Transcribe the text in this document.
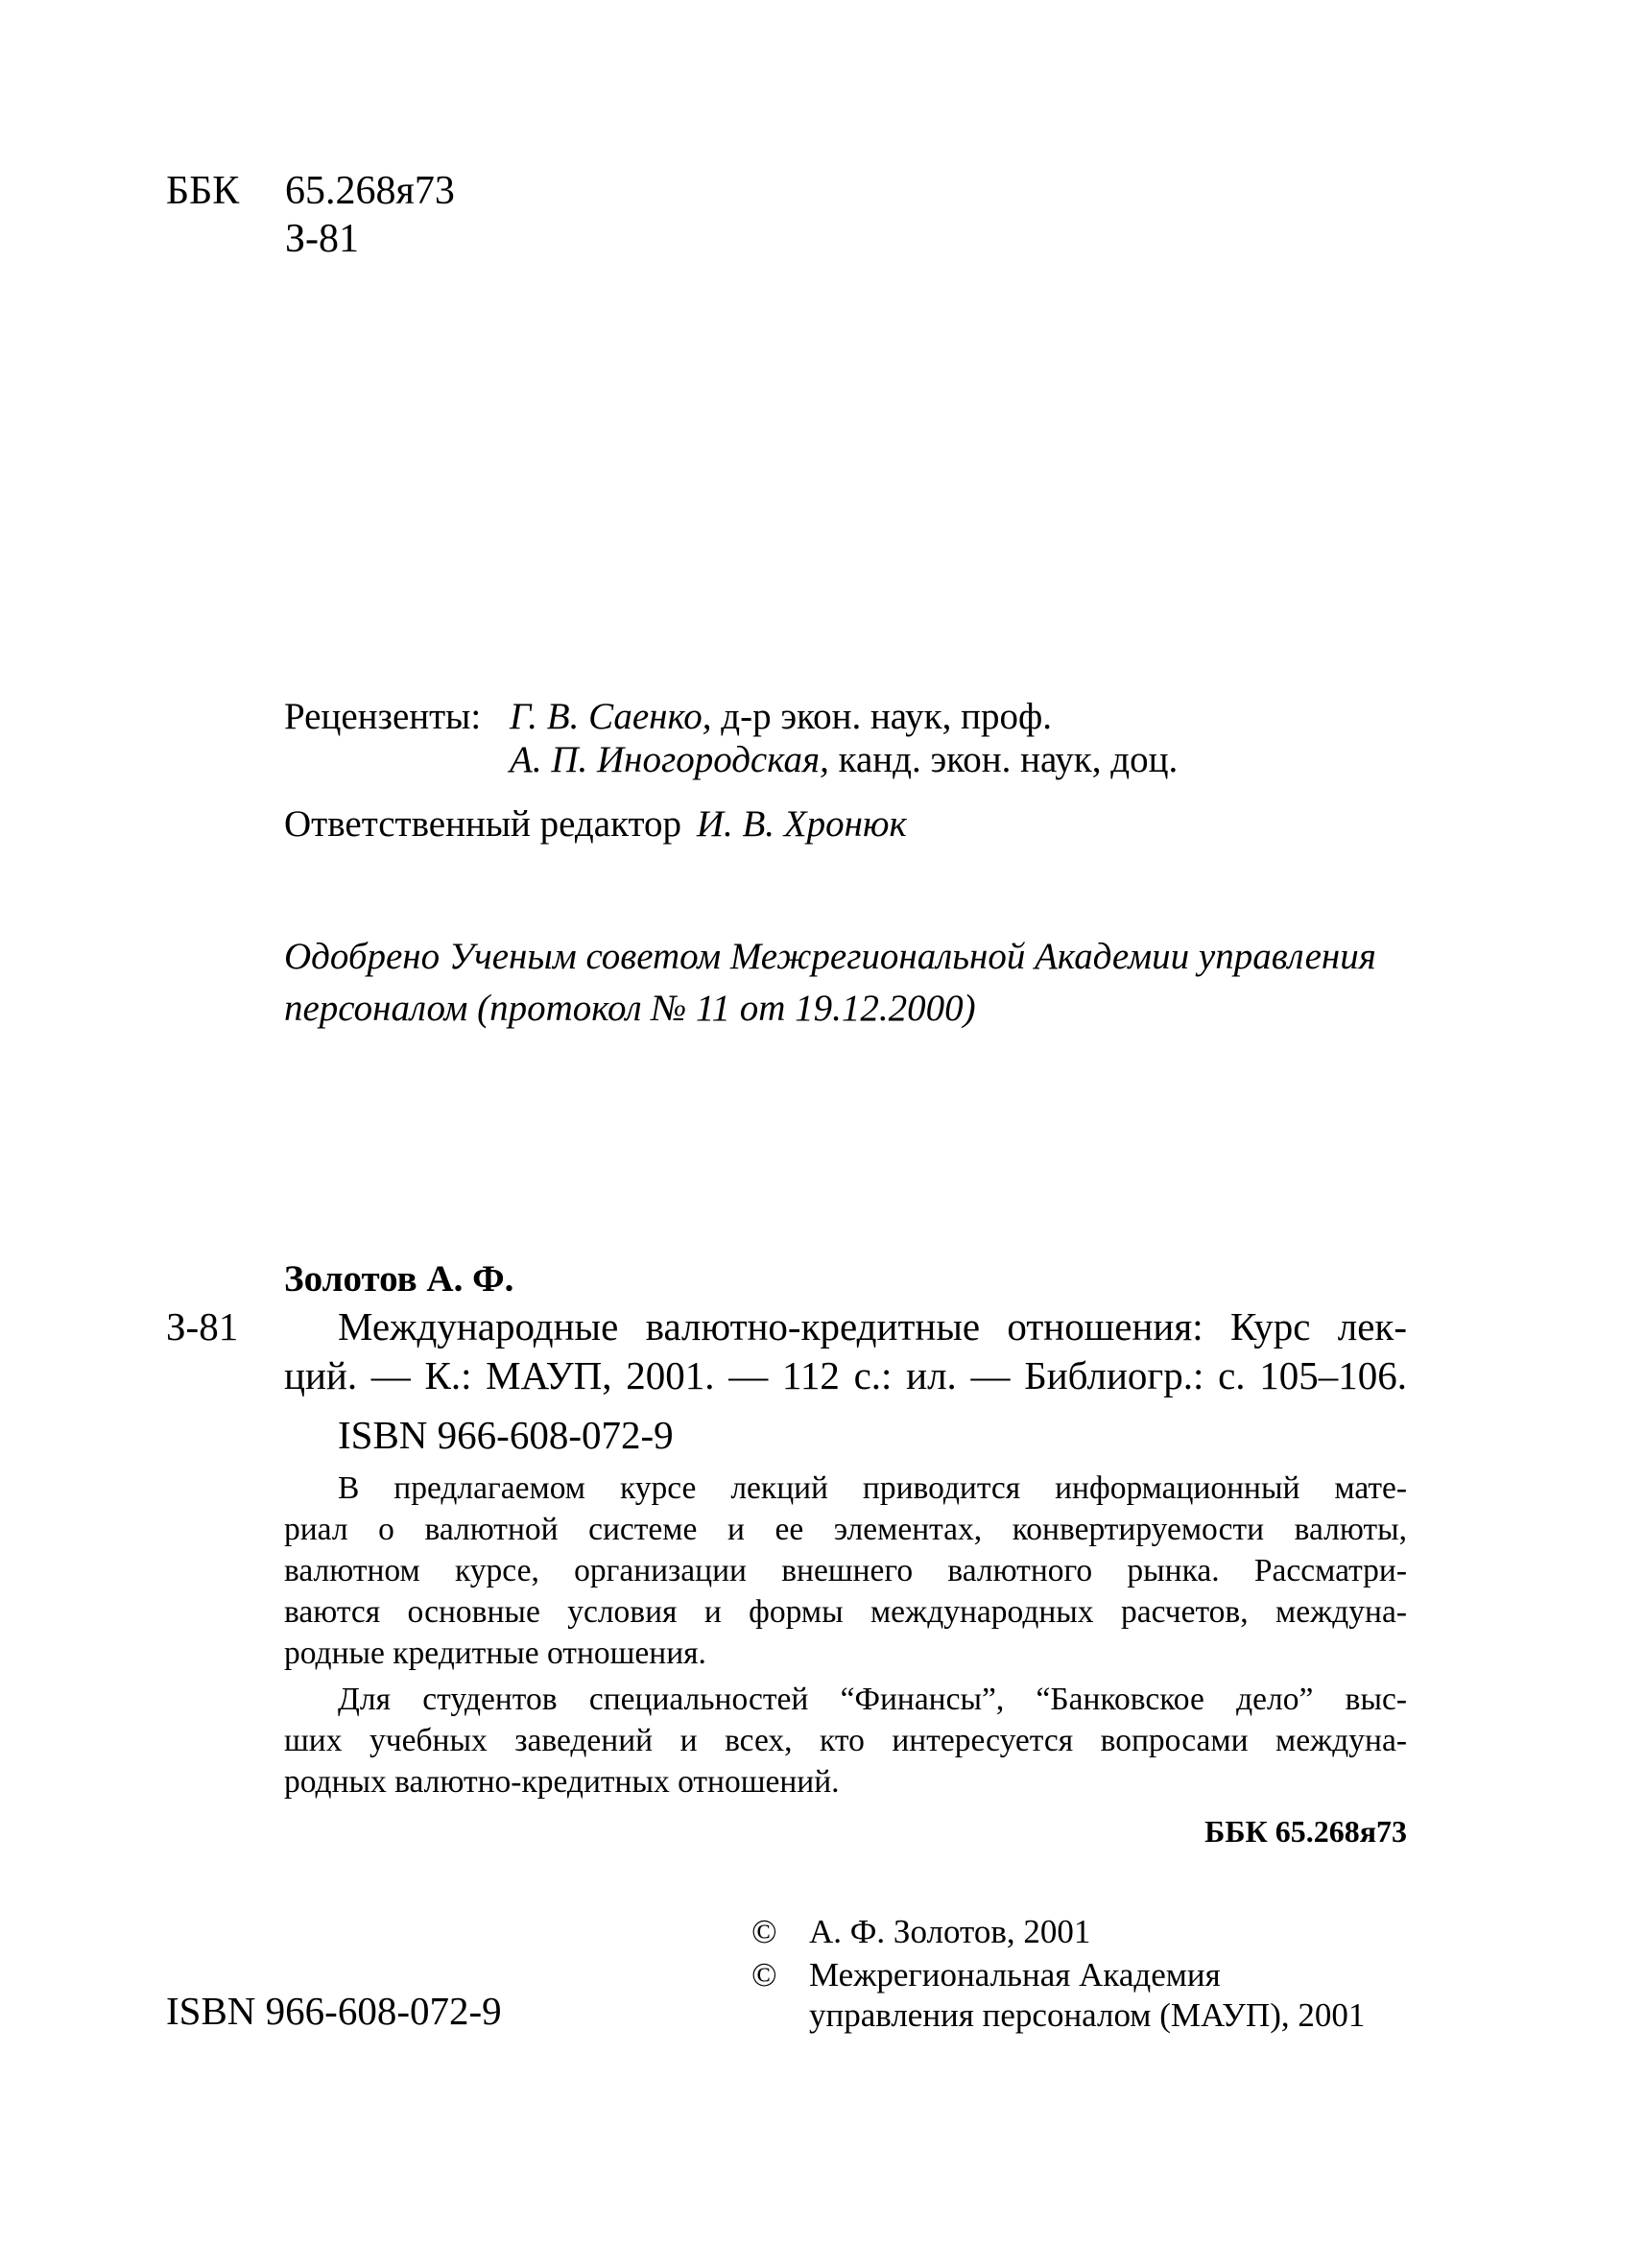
ББК 65.268я73
З-81
Рецензенты: Г. В. Саенко, д-р экон. наук, проф.
А. П. Иногородская, канд. экон. наук, доц.
Ответственный редактор И. В. Хронюк
Одобрено Ученым советом Межрегиональной Академии управления
персоналом (протокол № 11 от 19.12.2000)
Золотов А. Ф.
З-81	Международные валютно-кредитные отношения: Курс лек-
ций. — К.: МАУП, 2001. — 112 с.: ил. — Библиогр.: с. 105–106.
ISBN 966-608-072-9
В предлагаемом курсе лекций приводится информационный мате-
риал о валютной системе и ее элементах, конвертируемости валюты,
валютном курсе, организации внешнего валютного рынка. Рассматри-
ваются основные условия и формы международных расчетов, междуна-
родные кредитные отношения.
Для студентов специальностей “Финансы”, “Банковское дело” выс-
ших учебных заведений и всех, кто интересуется вопросами междуна-
родных валютно-кредитных отношений.
ББК 65.268я73
ISBN 966-608-072-9
© А. Ф. Золотов, 2001
© Межрегиональная Академия
управления персоналом (МАУП), 2001
